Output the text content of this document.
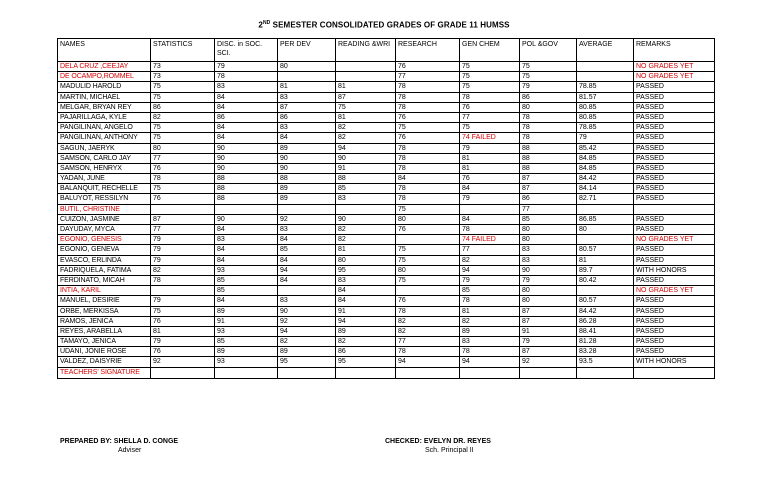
2ND SEMESTER CONSOLIDATED GRADES OF GRADE 11 HUMSS
NAMES	STATISTICS	DISC. in SOC. SCI.	PER DEV	READING &WRI	RESEARCH	GEN CHEM	POL &GOV	AVERAGE	REMARKS
DELA CRUZ ,CEEJAY	73	79	80		76	75	75		NO GRADES YET
DE OCAMPO,ROMMEL	73	78			77	75	75		NO GRADES YET
MADULID HAROLD	75	83	81	81	78	75	79	78.85	PASSED
MARTIN, MICHAEL	75	84	83	87	78	78	86	81.57	PASSED
MELGAR, BRYAN REY	86	84	87	75	78	76	80	80.85	PASSED
PAJARILLAGA, KYLE	82	86	86	81	76	77	78	80.85	PASSED
PANGILINAN, ANGELO	75	84	83	82	75	75	78	78.85	PASSED
PANGILINAN, ANTHONY	75	84	84	82	76	74 FAILED	78	79	PASSED
SAGUN, JAERYK	80	90	89	94	78	79	88	85.42	PASSED
SAMSON, CARLO JAY	77	90	90	90	78	81	88	84.85	PASSED
SAMSON, HENRYX	76	90	90	91	78	81	88	84.85	PASSED
YADAN, JUNE	78	88	88	88	84	76	87	84.42	PASSED
BALANQUIT, RECHELLE	75	88	89	85	78	84	87	84.14	PASSED
BALUYOT, RESSILYN	76	88	89	83	78	79	86	82.71	PASSED
BUTIL, CHRISTINE					75		77		
CUIZON, JASMINE	87	90	92	90	80	84	85	86.85	PASSED
DAYUDAY, MYCA	77	84	83	82	76	78	80	80	PASSED
EGONIO, GENESIS	79	83	84	82		74 FAILED	80		NO GRADES YET
EGONIO, GENEVA	79	84	85	81	75	77	83	80.57	PASSED
EVASCO, ERLINDA	79	84	84	80	75	82	83	81	PASSED
FADRIQUELA, FATIMA	82	93	94	95	80	94	90	89.7	WITH HONORS
FERDINATO, MICAH	78	85	84	83	75	79	79	80.42	PASSED
INTIA, KARIL		85		84		85	80		NO GRADES YET
MANUEL, DESIRIE	79	84	83	84	76	78	80	80.57	PASSED
ORBE, MERKISSA	75	89	90	91	78	81	87	84.42	PASSED
RAMOS, JENICA	76	91	92	94	82	82	87	86.28	PASSED
REYES, ARABELLA	81	93	94	89	82	89	91	88.41	PASSED
TAMAYO, JENICA	79	85	82	82	77	83	79	81.28	PASSED
UDANI, JONIE ROSE	76	89	89	86	78	78	87	83.28	PASSED
VALDEZ, DAISYRIE	92	93	95	95	94	94	92	93.5	WITH HONORS
TEACHERS' SIGNATURE									
PREPARED BY: SHELLA D. CONGE
Adviser
CHECKED: EVELYN DR. REYES
Sch. Principal II
